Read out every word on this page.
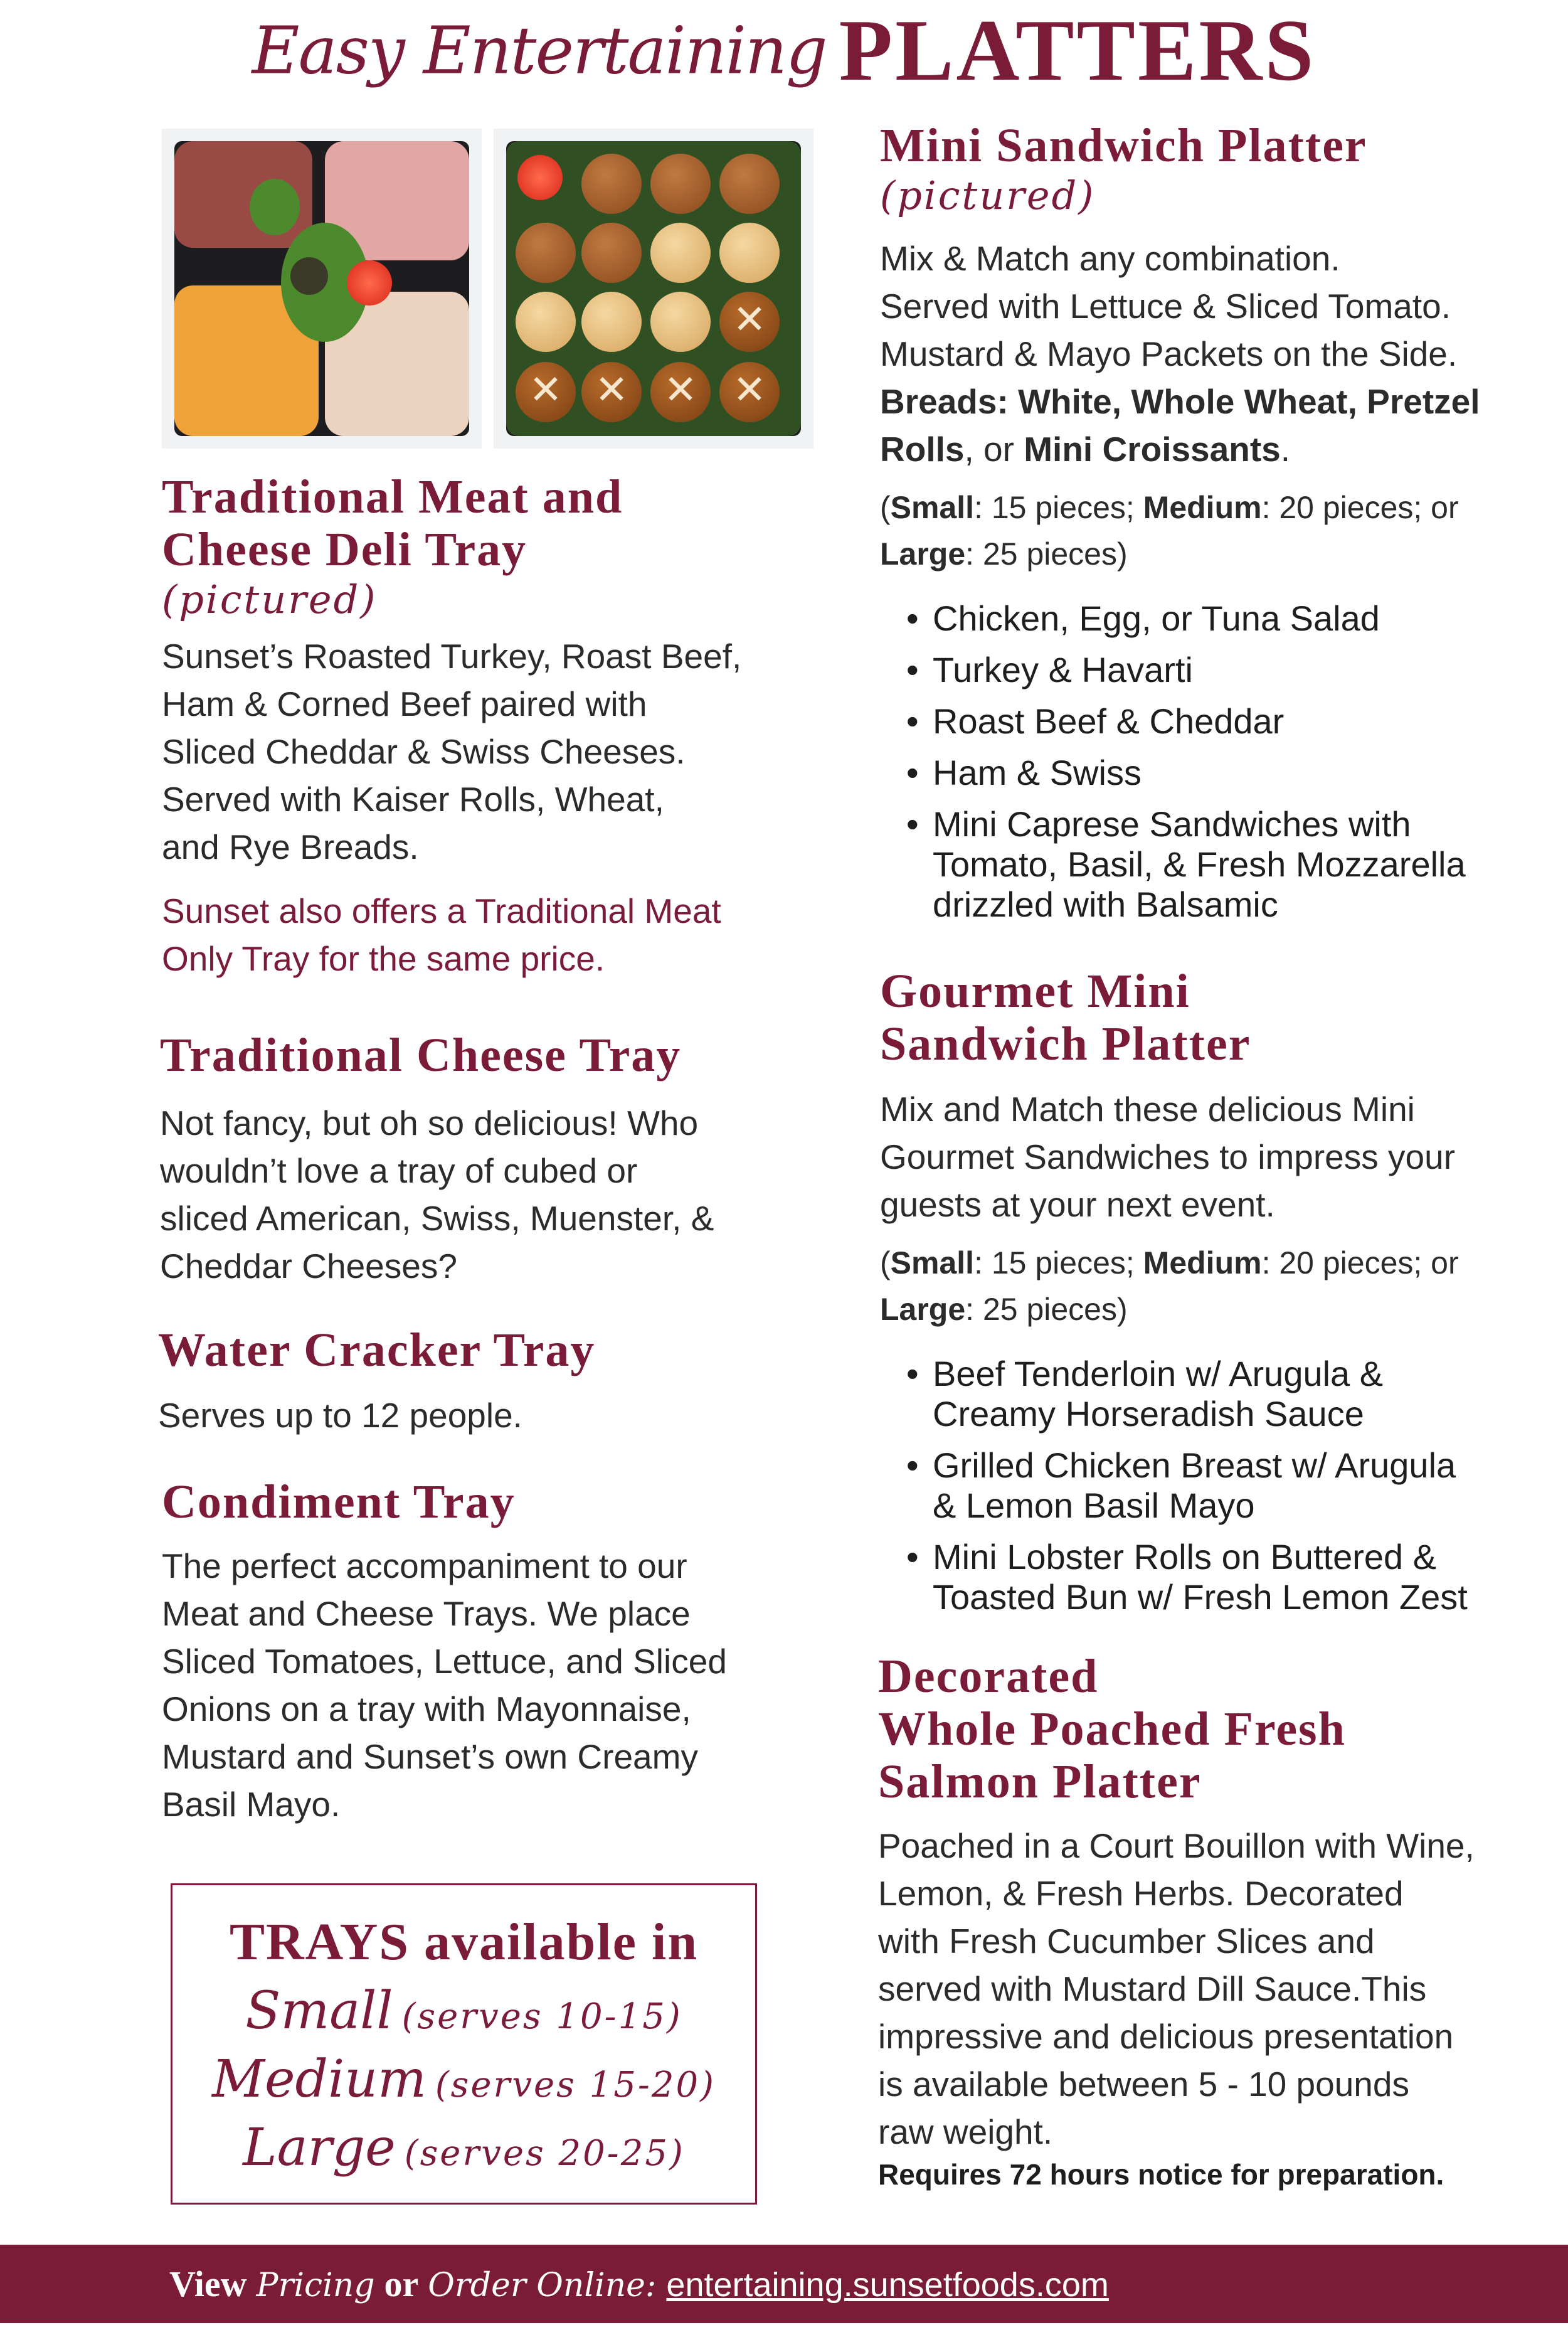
Easy Entertaining PLATTERS
✕
✕
✕
✕
✕
Traditional Meat and
Cheese Deli Tray
(pictured)
Sunset’s Roasted Turkey, Roast Beef,
Ham & Corned Beef paired with
Sliced Cheddar & Swiss Cheeses.
Served with Kaiser Rolls, Wheat,
and Rye Breads.
Sunset also offers a Traditional Meat
Only Tray for the same price.
Traditional Cheese Tray
Not fancy, but oh so delicious! Who
wouldn’t love a tray of cubed or
sliced American, Swiss, Muenster, &
Cheddar Cheeses?
Water Cracker Tray
Serves up to 12 people.
Condiment Tray
The perfect accompaniment to our
Meat and Cheese Trays. We place
Sliced Tomatoes, Lettuce, and Sliced
Onions on a tray with Mayonnaise,
Mustard and Sunset’s own Creamy
Basil Mayo.
TRAYS available in
Small (serves 10-15)
Medium (serves 15-20)
Large (serves 20-25)
Mini Sandwich Platter
(pictured)
Mix & Match any combination.
Served with Lettuce & Sliced Tomato.
Mustard & Mayo Packets on the Side.
Breads: White, Whole Wheat, Pretzel
Rolls, or Mini Croissants.
(Small: 15 pieces; Medium: 20 pieces; or
Large: 25 pieces)
• Chicken, Egg, or Tuna Salad
• Turkey & Havarti
• Roast Beef & Cheddar
• Ham & Swiss
• Mini Caprese Sandwiches with
Tomato, Basil, & Fresh Mozzarella
drizzled with Balsamic
Gourmet Mini
Sandwich Platter
Mix and Match these delicious Mini
Gourmet Sandwiches to impress your
guests at your next event.
(Small: 15 pieces; Medium: 20 pieces; or
Large: 25 pieces)
• Beef Tenderloin w/ Arugula &
Creamy Horseradish Sauce
• Grilled Chicken Breast w/ Arugula
& Lemon Basil Mayo
• Mini Lobster Rolls on Buttered &
Toasted Bun w/ Fresh Lemon Zest
Decorated
Whole Poached Fresh
Salmon Platter
Poached in a Court Bouillon with Wine,
Lemon, & Fresh Herbs. Decorated
with Fresh Cucumber Slices and
served with Mustard Dill Sauce.This
impressive and delicious presentation
is available between 5 - 10 pounds
raw weight.
Requires 72 hours notice for preparation.
View Pricing or Order Online: entertaining.sunsetfoods.com
